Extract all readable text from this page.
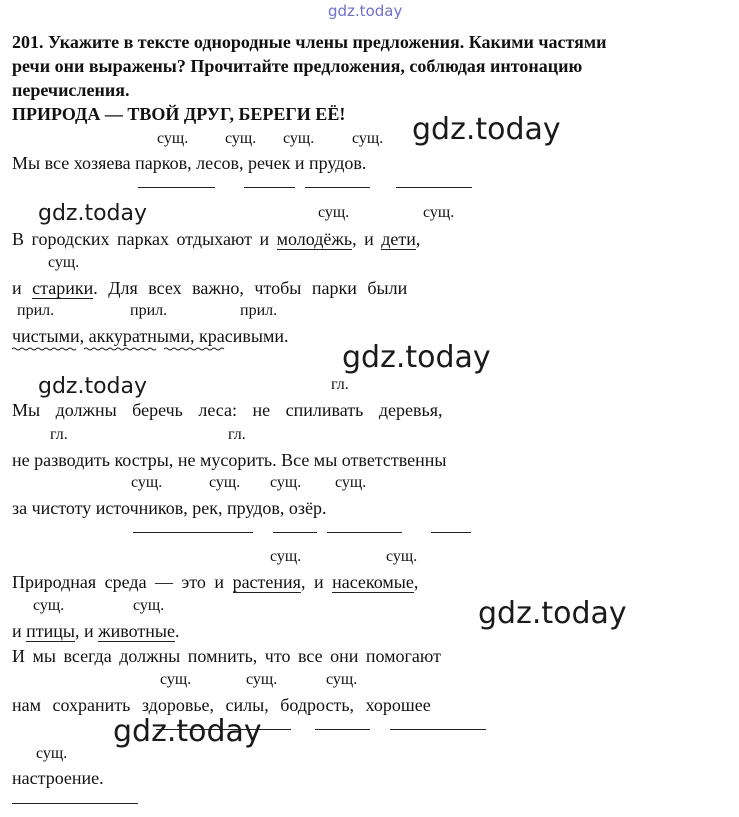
gdz.today
201. Укажите в тексте однородные члены предложения. Какими частями
речи они выражены? Прочитайте предложения, соблюдая интонацию
перечисления.
ПРИРОДА — ТВОЙ ДРУГ, БЕРЕГИ ЕЁ!
сущ. сущ. сущ. сущ.
Мы все хозяева парков, лесов, речек и прудов.
сущ.	сущ.
В городских парках отдыхают и молодёжь, и дети,
сущ.
и старики. Для всех важно, чтобы парки были
прил.	прил.	прил.
чистыми, аккуратными, красивыми.
гл.
Мы должны беречь леса: не спиливать деревья,
гл.	гл.
не разводить костры, не мусорить. Все мы ответственны
сущ.	сущ. сущ. сущ.
за чистоту источников, рек, прудов, озёр.
сущ.	сущ.
Природная среда — это и растения, и насекомые,
сущ.	сущ.
и птицы, и животные.
И мы всегда должны помнить, что все они помогают
сущ.	сущ.	сущ.
нам сохранить здоровье, силы, бодрость, хорошее
сущ.
настроение.
gdz.today
gdz.today
gdz.today
gdz.today
gdz.today
gdz.today
